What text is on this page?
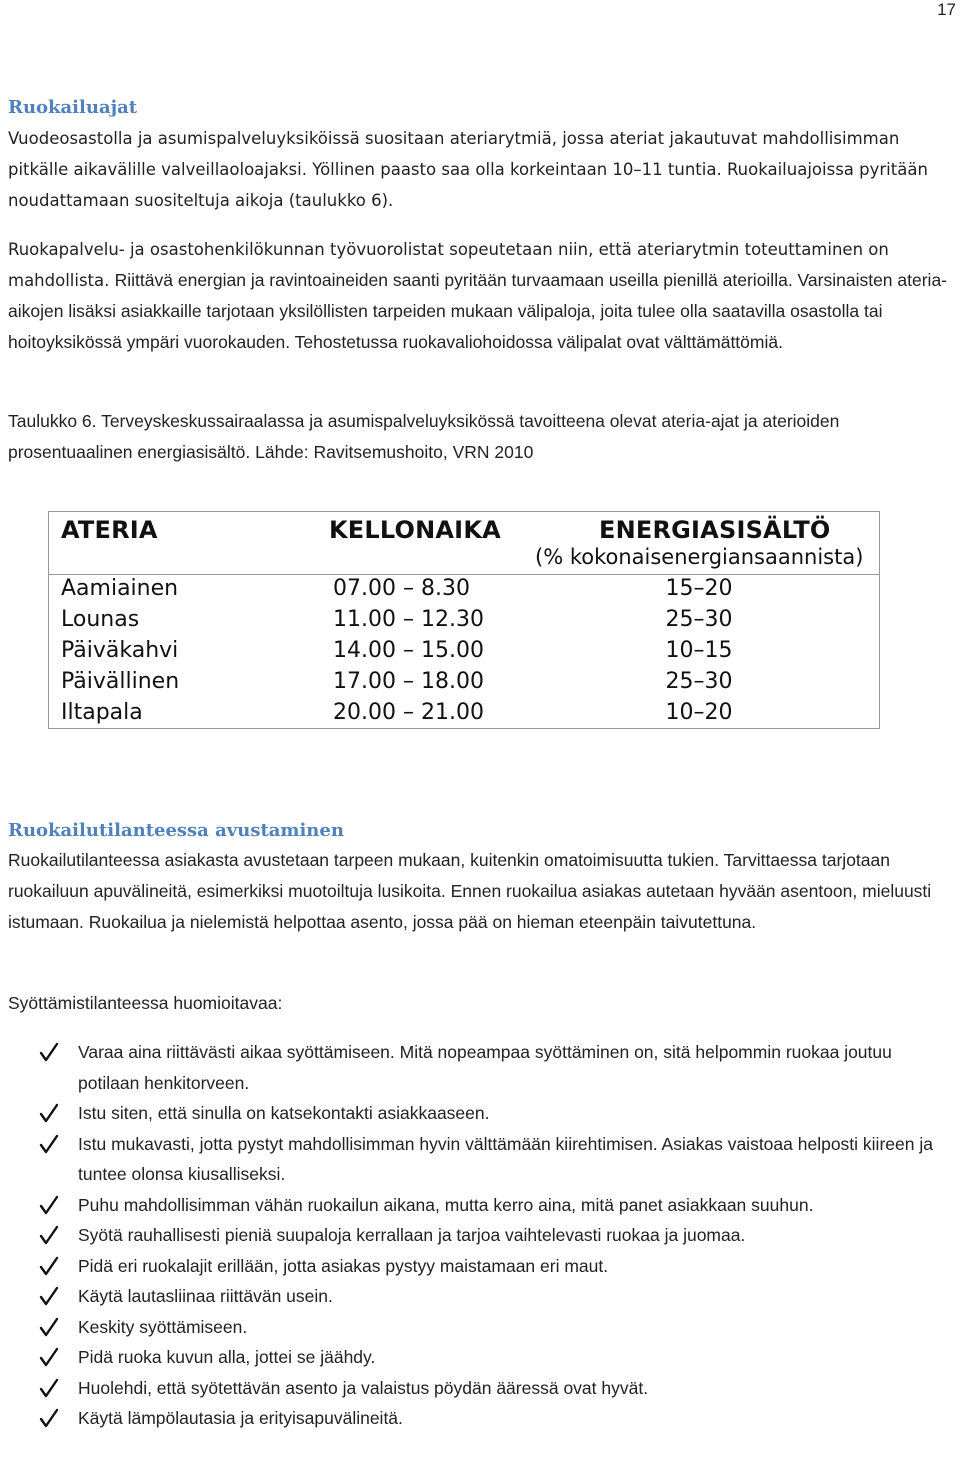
17
Ruokailuajat

Vuodeosastolla ja asumispalveluyksiköissä suositaan ateriarytmiä, jossa ateriat jakautuvat mahdollisimman pitkälle aikavälille valveillaoloajaksi. Yöllinen paasto saa olla korkeintaan 10–11 tuntia. Ruokailuajoissa pyritään noudattamaan suositeltuja aikoja (taulukko 6).

Ruokapalvelu- ja osastohenkilökunnan työvuorolistat sopeutetaan niin, että ateriarytmin toteuttaminen on mahdollista. Riittävä energian ja ravintoaineiden saanti pyritään turvaamaan useilla pienillä aterioilla. Varsinaisten ateria-aikojen lisäksi asiakkaille tarjotaan yksilöllisten tarpeiden mukaan välipaloja, joita tulee olla saatavilla osastolla tai hoitoyksikössä ympäri vuorokauden. Tehostetussa ruokavaliohoidossa välipalat ovat välttämättömiä.

Taulukko 6. Terveyskeskussairaalassa ja asumispalveluyksikössä tavoitteena olevat ateria-ajat ja aterioiden prosentuaalinen energiasisältö. Lähde: Ravitsemushoito, VRN 2010

ATERIA	KELLONAIKA	ENERGIASISÄLTÖ
(% kokonaisenergiansaannista)
Aamiainen	07.00 – 8.30	15–20
Lounas	11.00 – 12.30	25–30
Päiväkahvi	14.00 – 15.00	10–15
Päivällinen	17.00 – 18.00	25–30
Iltapala	20.00 – 21.00	10–20
Ruokailutilanteessa avustaminen

Ruokailutilanteessa asiakasta avustetaan tarpeen mukaan, kuitenkin omatoimisuutta tukien. Tarvittaessa tarjotaan ruokailuun apuvälineitä, esimerkiksi muotoiltuja lusikoita. Ennen ruokailua asiakas autetaan hyvään asentoon, mieluusti istumaan. Ruokailua ja nielemistä helpottaa asento, jossa pää on hieman eteenpäin taivutettuna.

Syöttämistilanteessa huomioitavaa:

Varaa aina riittävästi aikaa syöttämiseen. Mitä nopeampaa syöttäminen on, sitä helpommin ruokaa joutuu potilaan henkitorveen.
Istu siten, että sinulla on katsekontakti asiakkaaseen.
Istu mukavasti, jotta pystyt mahdollisimman hyvin välttämään kiirehtimisen. Asiakas vaistoaa helposti kiireen ja tuntee olonsa kiusalliseksi.
Puhu mahdollisimman vähän ruokailun aikana, mutta kerro aina, mitä panet asiakkaan suuhun.
Syötä rauhallisesti pieniä suupaloja kerrallaan ja tarjoa vaihtelevasti ruokaa ja juomaa.
Pidä eri ruokalajit erillään, jotta asiakas pystyy maistamaan eri maut.
Käytä lautasliinaa riittävän usein.
Keskity syöttämiseen.
Pidä ruoka kuvun alla, jottei se jäähdy.
Huolehdi, että syötettävän asento ja valaistus pöydän ääressä ovat hyvät.
Käytä lämpölautasia ja erityisapuvälineitä.
